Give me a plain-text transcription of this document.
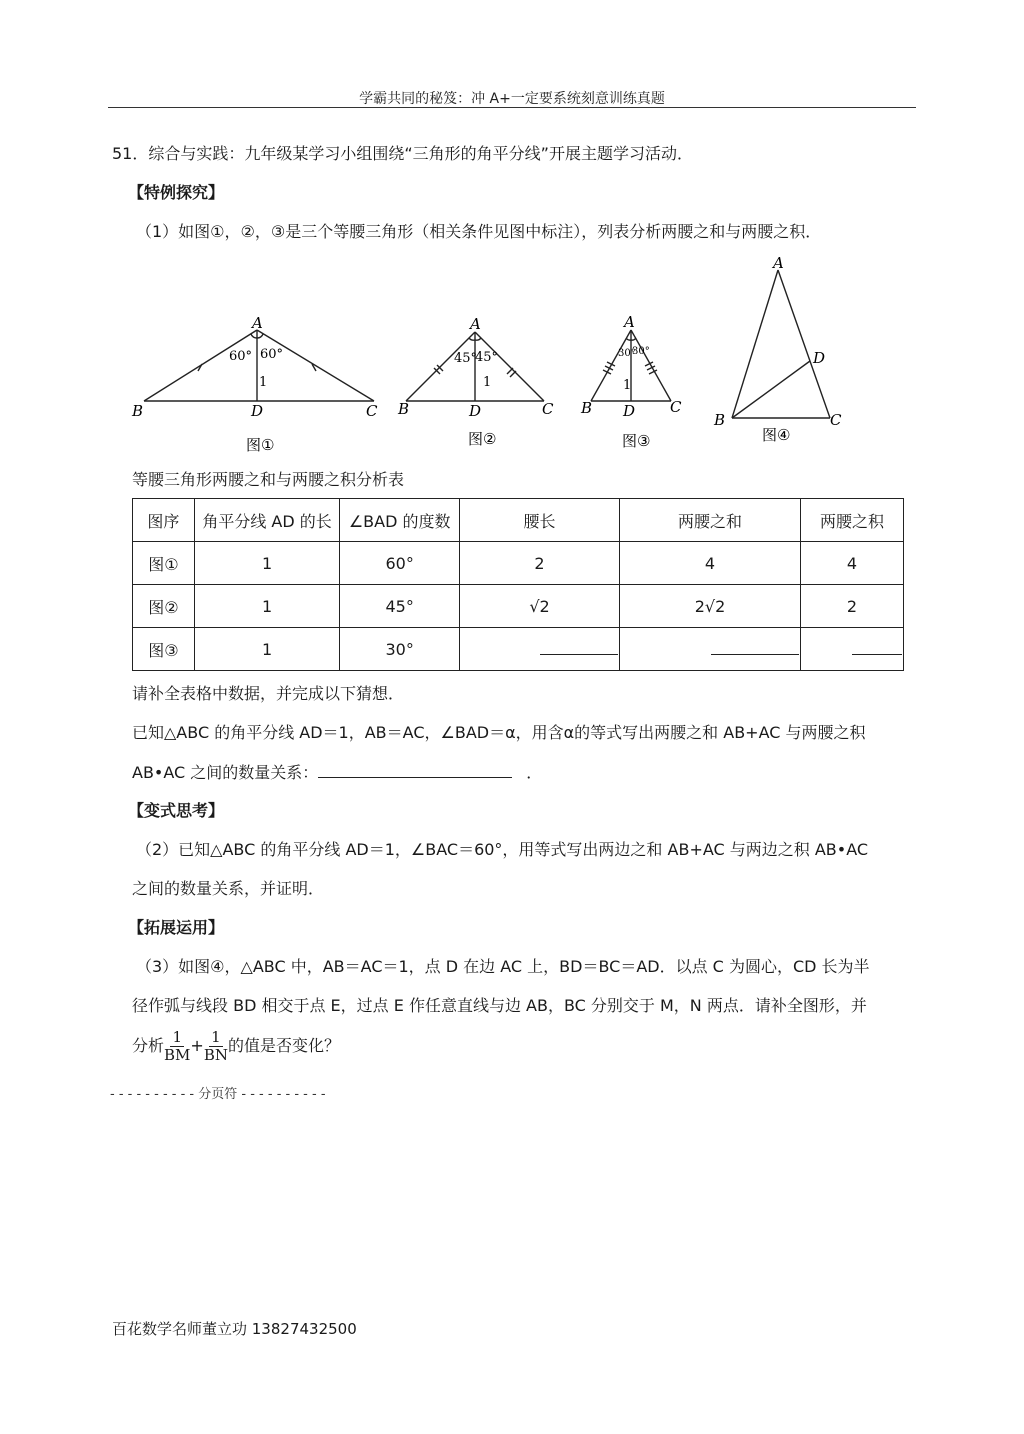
学霸共同的秘笈：冲 A+一定要系统刻意训练真题
51．综合与实践：九年级某学习小组围绕“三角形的角平分线”开展主题学习活动．
【特例探究】
（1）如图①，②，③是三个等腰三角形（相关条件见图中标注），列表分析两腰之和与两腰之积．
A
B	C
D
60° 60°
1
图①
A
B	C
D
45°
45°
1
图②
A
B	C
D
30°
30°
1
图③
A
B	C
D
图④
等腰三角形两腰之和与两腰之积分析表
图序	角平分线 AD 的长	∠BAD 的度数	腰长	两腰之和	两腰之积
图①	1	60°	2	4	4
图②	1	45°	√2	2√2	2
图③	1	30°			
请补全表格中数据，并完成以下猜想．
已知△ABC 的角平分线 AD＝1，AB＝AC，∠BAD＝α，用含α的等式写出两腰之和 AB+AC 与两腰之积
AB•AC 之间的数量关系：	．
【变式思考】
（2）已知△ABC 的角平分线 AD＝1，∠BAC＝60°，用等式写出两边之和 AB+AC 与两边之积 AB•AC
之间的数量关系，并证明．
【拓展运用】
（3）如图④，△ABC 中，AB＝AC＝1，点 D 在边 AC 上，BD＝BC＝AD．以点 C 为圆心，CD 长为半
径作弧与线段 BD 相交于点 E，过点 E 作任意直线与边 AB，BC 分别交于 M，N 两点．请补全图形，并
分析 $\frac{1}{BM} + \frac{1}{BN}$ 的值是否变化？
- - - - - - - - - - 分页符 - - - - - - - - - -
百花数学名师董立功 13827432500
